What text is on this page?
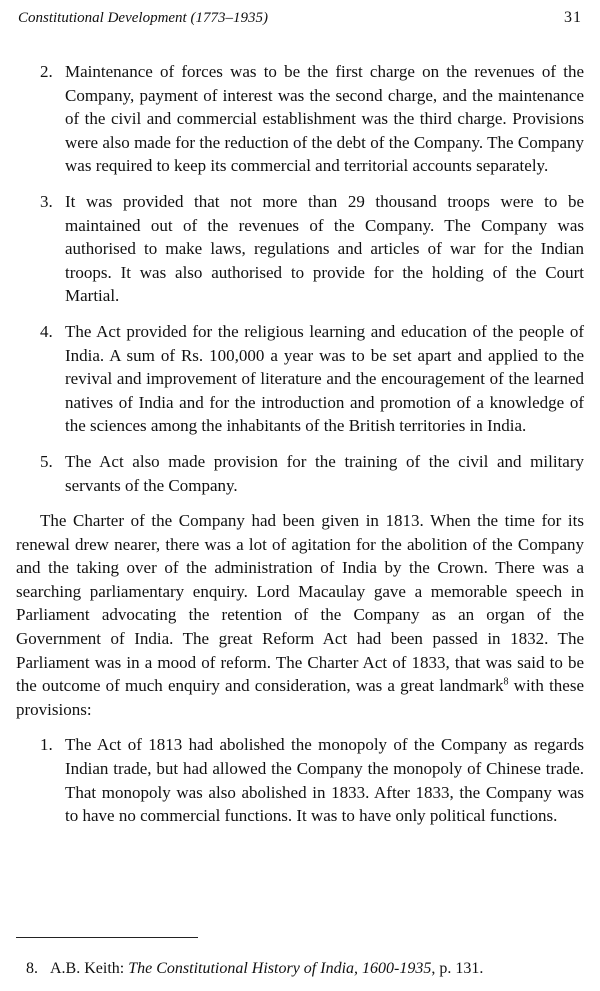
Constitutional Development (1773–1935)	31
2. Maintenance of forces was to be the first charge on the revenues of the Company, payment of interest was the second charge, and the maintenance of the civil and commercial establishment was the third charge. Provisions were also made for the reduction of the debt of the Company. The Company was required to keep its commercial and territorial accounts separately.
3. It was provided that not more than 29 thousand troops were to be maintained out of the revenues of the Company. The Company was authorised to make laws, regulations and articles of war for the Indian troops. It was also authorised to provide for the holding of the Court Martial.
4. The Act provided for the religious learning and education of the people of India. A sum of Rs. 100,000 a year was to be set apart and applied to the revival and improvement of literature and the encouragement of the learned natives of India and for the introduction and promotion of a knowledge of the sciences among the inhabitants of the British territories in India.
5. The Act also made provision for the training of the civil and military servants of the Company.

The Charter of the Company had been given in 1813. When the time for its renewal drew nearer, there was a lot of agitation for the abolition of the Company and the taking over of the administration of India by the Crown. There was a searching parliamentary enquiry. Lord Macaulay gave a memorable speech in Parliament advocating the retention of the Company as an organ of the Government of India. The great Reform Act had been passed in 1832. The Parliament was in a mood of reform. The Charter Act of 1833, that was said to be the outcome of much enquiry and consideration, was a great landmark$^8$ with these provisions:

1. The Act of 1813 had abolished the monopoly of the Company as regards Indian trade, but had allowed the Company the monopoly of Chinese trade. That monopoly was also abolished in 1833. After 1833, the Company was to have no commercial functions. It was to have only political functions.
8. A.B. Keith: The Constitutional History of India, 1600-1935, p. 131.
